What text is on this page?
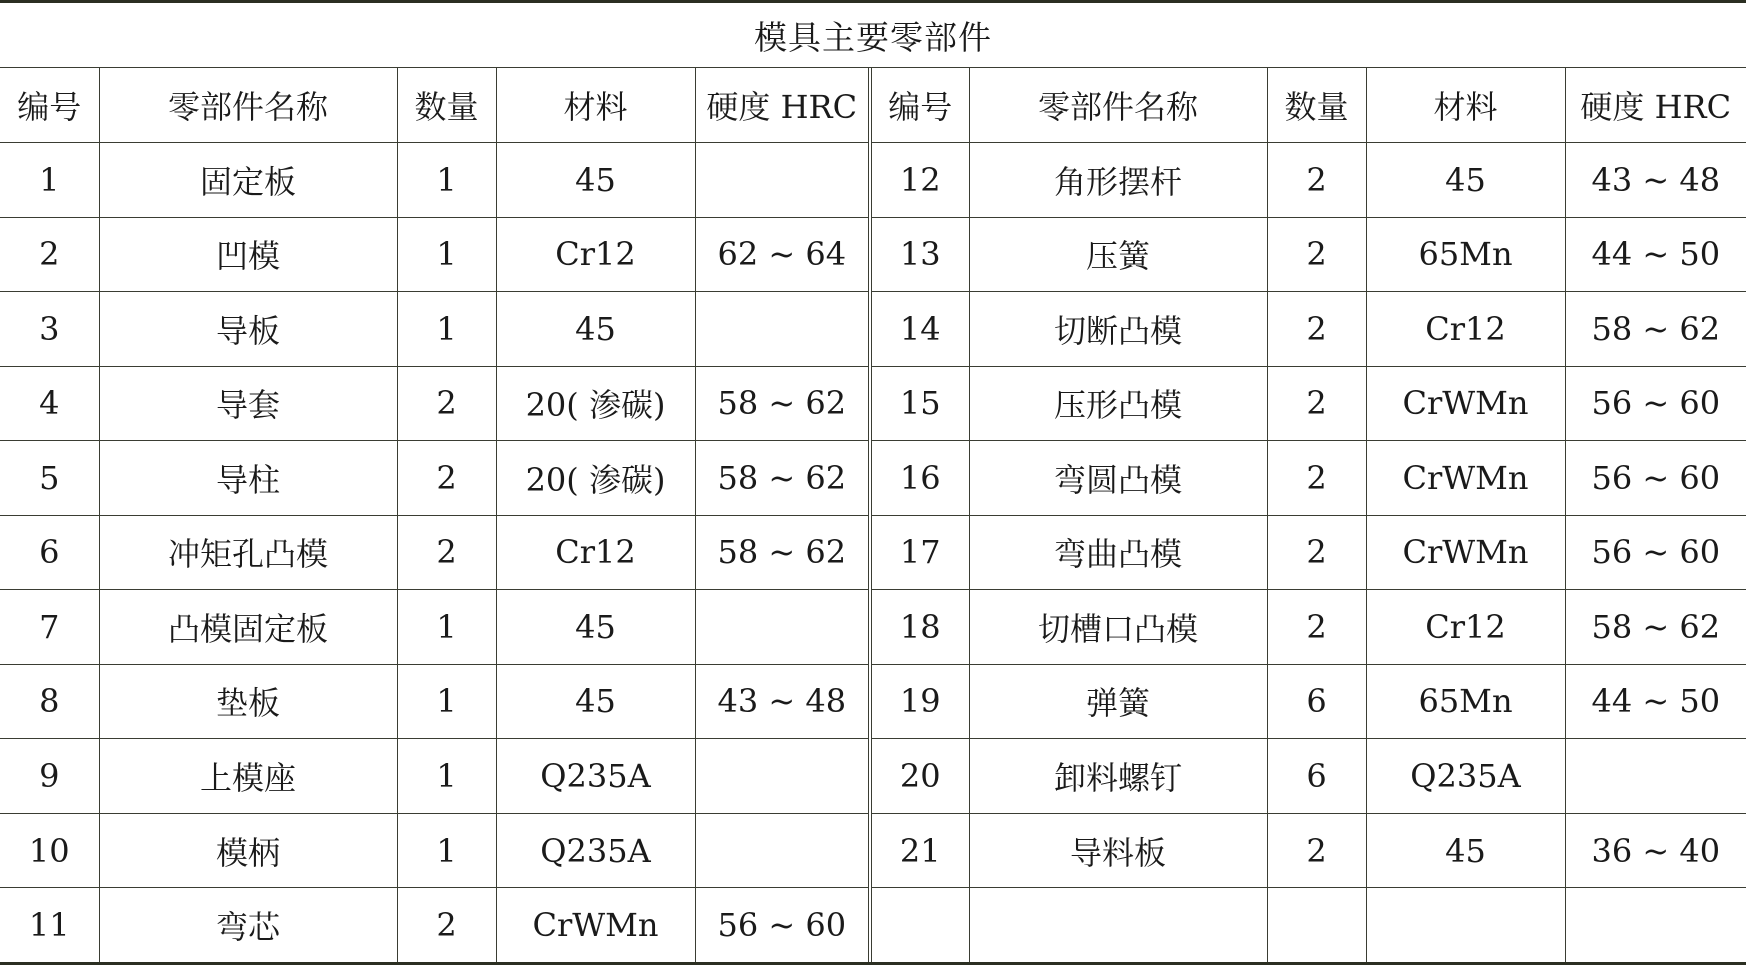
模具主要零部件
编号	零部件名称	数量	材料	硬度 HRC	编号	零部件名称	数量	材料	硬度 HRC
1	固定板	1	45		12	角形摆杆	2	45	43 ~ 48
2	凹模	1	Cr12	62 ~ 64	13	压簧	2	65Mn	44 ~ 50
3	导板	1	45		14	切断凸模	2	Cr12	58 ~ 62
4	导套	2	20( 渗碳)	58 ~ 62	15	压形凸模	2	CrWMn	56 ~ 60
5	导柱	2	20( 渗碳)	58 ~ 62	16	弯圆凸模	2	CrWMn	56 ~ 60
6	冲矩孔凸模	2	Cr12	58 ~ 62	17	弯曲凸模	2	CrWMn	56 ~ 60
7	凸模固定板	1	45		18	切槽口凸模	2	Cr12	58 ~ 62
8	垫板	1	45	43 ~ 48	19	弹簧	6	65Mn	44 ~ 50
9	上模座	1	Q235A		20	卸料螺钉	6	Q235A	
10	模柄	1	Q235A		21	导料板	2	45	36 ~ 40
11	弯芯	2	CrWMn	56 ~ 60					
